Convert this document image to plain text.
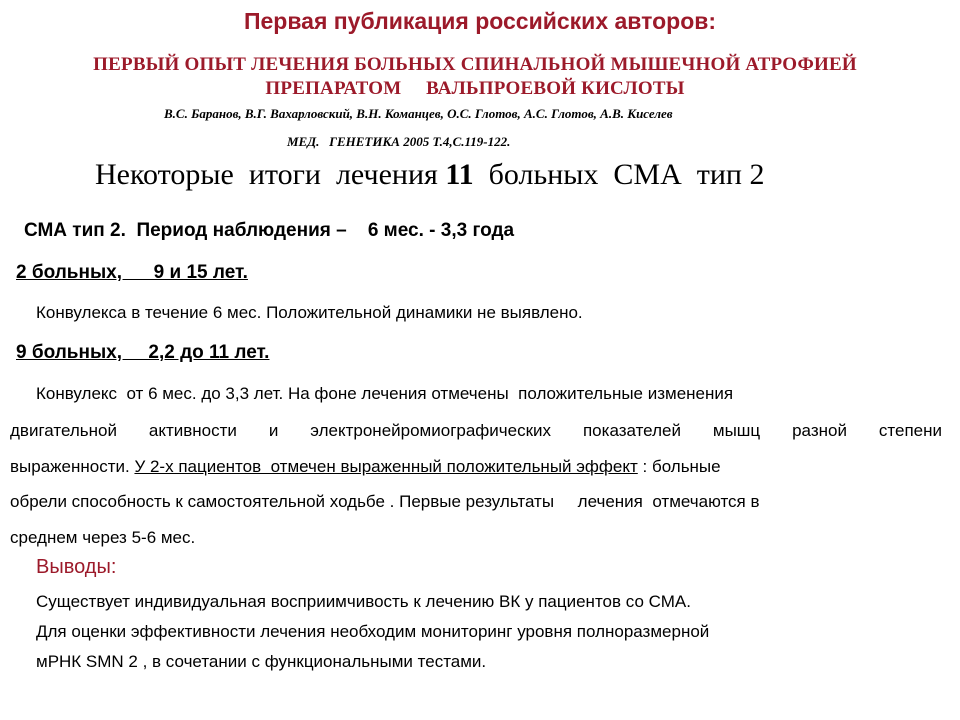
Первая публикация российских авторов:
ПЕРВЫЙ ОПЫТ ЛЕЧЕНИЯ БОЛЬНЫХ СПИНАЛЬНОЙ МЫШЕЧНОЙ АТРОФИЕЙ
ПРЕПАРАТОМ     ВАЛЬПРОЕВОЙ КИСЛОТЫ
В.С. Баранов, В.Г. Вахарловский, В.Н. Команцев, О.С. Глотов, А.С. Глотов, А.В. Киселев
МЕД.   ГЕНЕТИКА 2005 Т.4,С.119-122.
Некоторые  итоги  лечения 11  больных  СМА  тип 2
СМА тип 2.  Период наблюдения –    6 мес. - 3,3 года
2 больных,      9 и 15 лет.
Конвулекса в течение 6 мес. Положительной динамики не выявлено.
9 больных,     2,2 до 11 лет.
Конвулекс  от 6 мес. до 3,3 лет. На фоне лечения отмечены  положительные изменения
двигательной активности и электронейромиографических показателей мышц разной степени
выраженности. У 2-х пациентов  отмечен выраженный положительный эффект : больные
обрели способность к самостоятельной ходьбе . Первые результаты     лечения  отмечаются в
среднем через 5-6 мес.
Выводы:
Существует индивидуальная восприимчивость к лечению ВК у пациентов со СМА.
Для оценки эффективности лечения необходим мониторинг уровня полноразмерной
мРНК SMN 2 , в сочетании с функциональными тестами.
